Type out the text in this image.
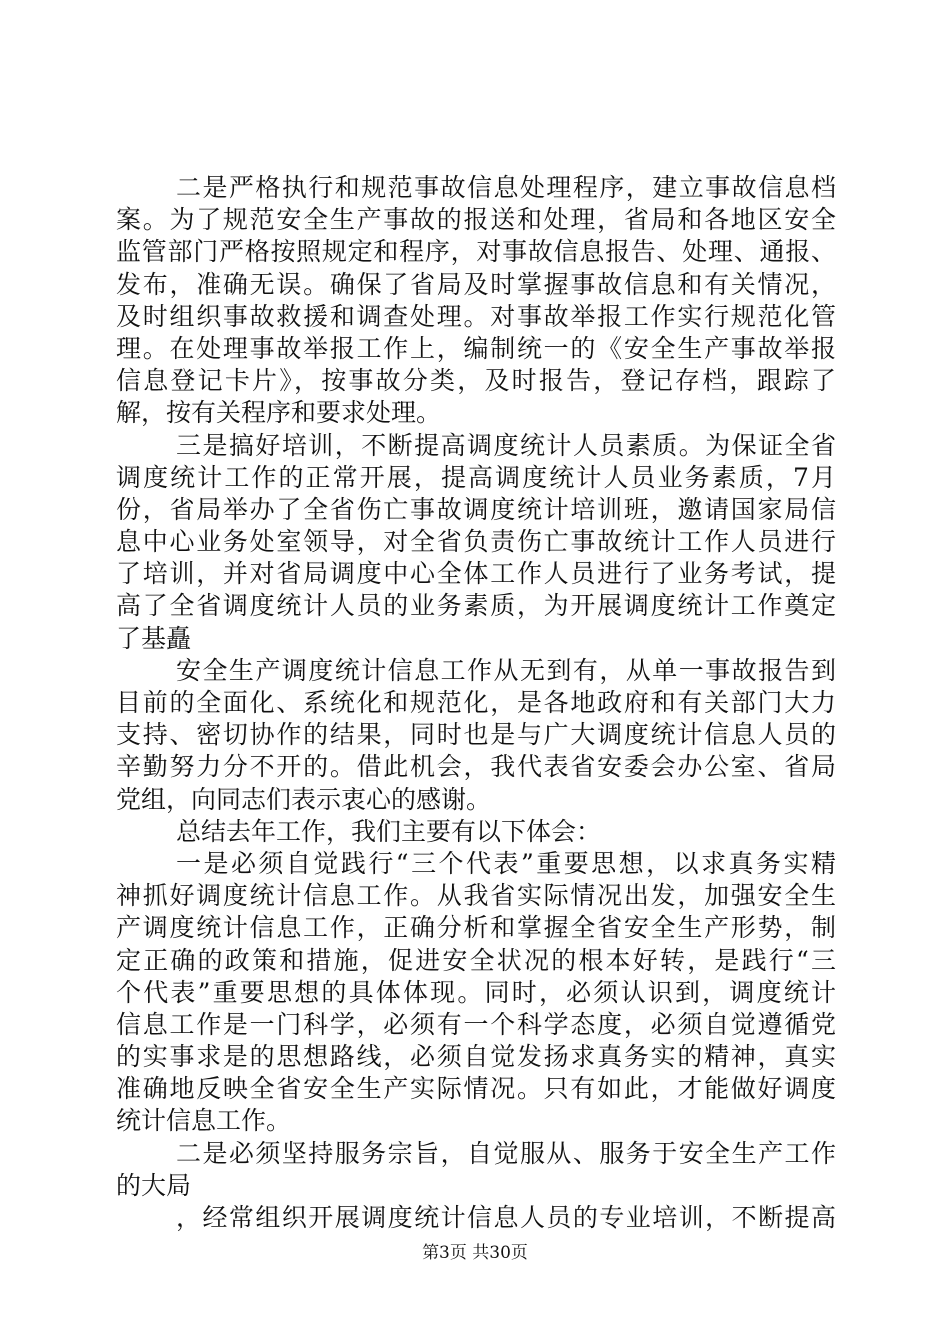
二是严格执行和规范事故信息处理程序，建立事故信息档
案。为了规范安全生产事故的报送和处理，省局和各地区安全
监管部门严格按照规定和程序，对事故信息报告、处理、通报、
发布，准确无误。确保了省局及时掌握事故信息和有关情况，
及时组织事故救援和调查处理。对事故举报工作实行规范化管
理。在处理事故举报工作上，编制统一的《安全生产事故举报
信息登记卡片》，按事故分类，及时报告，登记存档，跟踪了
解，按有关程序和要求处理。
三是搞好培训，不断提高调度统计人员素质。为保证全省
调度统计工作的正常开展，提高调度统计人员业务素质，7月
份，省局举办了全省伤亡事故调度统计培训班，邀请国家局信
息中心业务处室领导，对全省负责伤亡事故统计工作人员进行
了培训，并对省局调度中心全体工作人员进行了业务考试，提
高了全省调度统计人员的业务素质，为开展调度统计工作奠定
了基矗
安全生产调度统计信息工作从无到有，从单一事故报告到
目前的全面化、系统化和规范化，是各地政府和有关部门大力
支持、密切协作的结果，同时也是与广大调度统计信息人员的
辛勤努力分不开的。借此机会，我代表省安委会办公室、省局
党组，向同志们表示衷心的感谢。
总结去年工作，我们主要有以下体会：
一是必须自觉践行“三个代表”重要思想，以求真务实精
神抓好调度统计信息工作。从我省实际情况出发，加强安全生
产调度统计信息工作，正确分析和掌握全省安全生产形势，制
定正确的政策和措施，促进安全状况的根本好转，是践行“三
个代表”重要思想的具体体现。同时，必须认识到，调度统计
信息工作是一门科学，必须有一个科学态度，必须自觉遵循党
的实事求是的思想路线，必须自觉发扬求真务实的精神，真实
准确地反映全省安全生产实际情况。只有如此，才能做好调度
统计信息工作。
二是必须坚持服务宗旨，自觉服从、服务于安全生产工作
的大局
，经常组织开展调度统计信息人员的专业培训，不断提高
第3页 共30页
